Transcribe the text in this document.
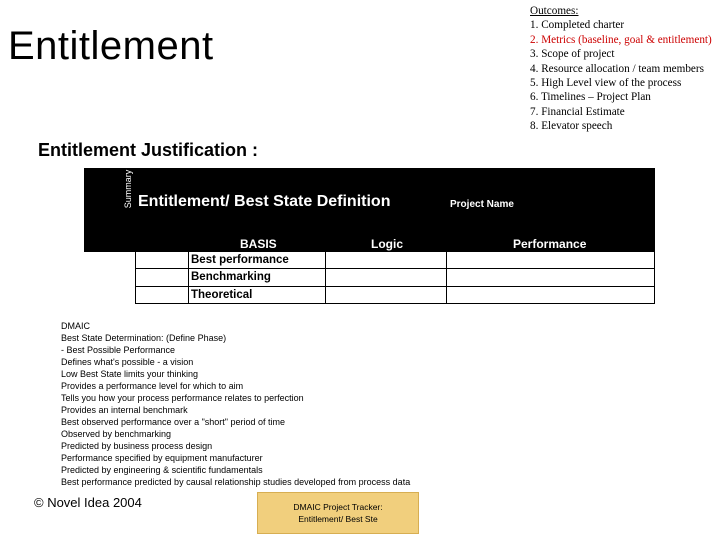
Entitlement
Outcomes:
1. Completed charter
2. Metrics (baseline, goal & entitlement)
3. Scope of project
4. Resource allocation / team members
5. High Level view of the process
6. Timelines – Project Plan
7. Financial Estimate
8. Elevator speech
Entitlement Justification :
Summary Entitlement/ Best State Definition	Project Name
BASIS	Logic	Performance
	Best performance		
	Benchmarking		
	Theoretical		
DMAIC
Best State Determination: (Define Phase)
- Best Possible Performance
Defines what's possible - a vision
Low Best State limits your thinking
Provides a performance level for which to aim
Tells you how your process performance relates to perfection
Provides an internal benchmark
Best observed performance over a "short" period of time
Observed by benchmarking
Predicted by business process design
Performance specified by equipment manufacturer
Predicted by engineering & scientific fundamentals
Best performance predicted by causal relationship studies developed from process data
© Novel Idea 2004	DMAIC Project Tracker:
Entitlement/ Best Ste
